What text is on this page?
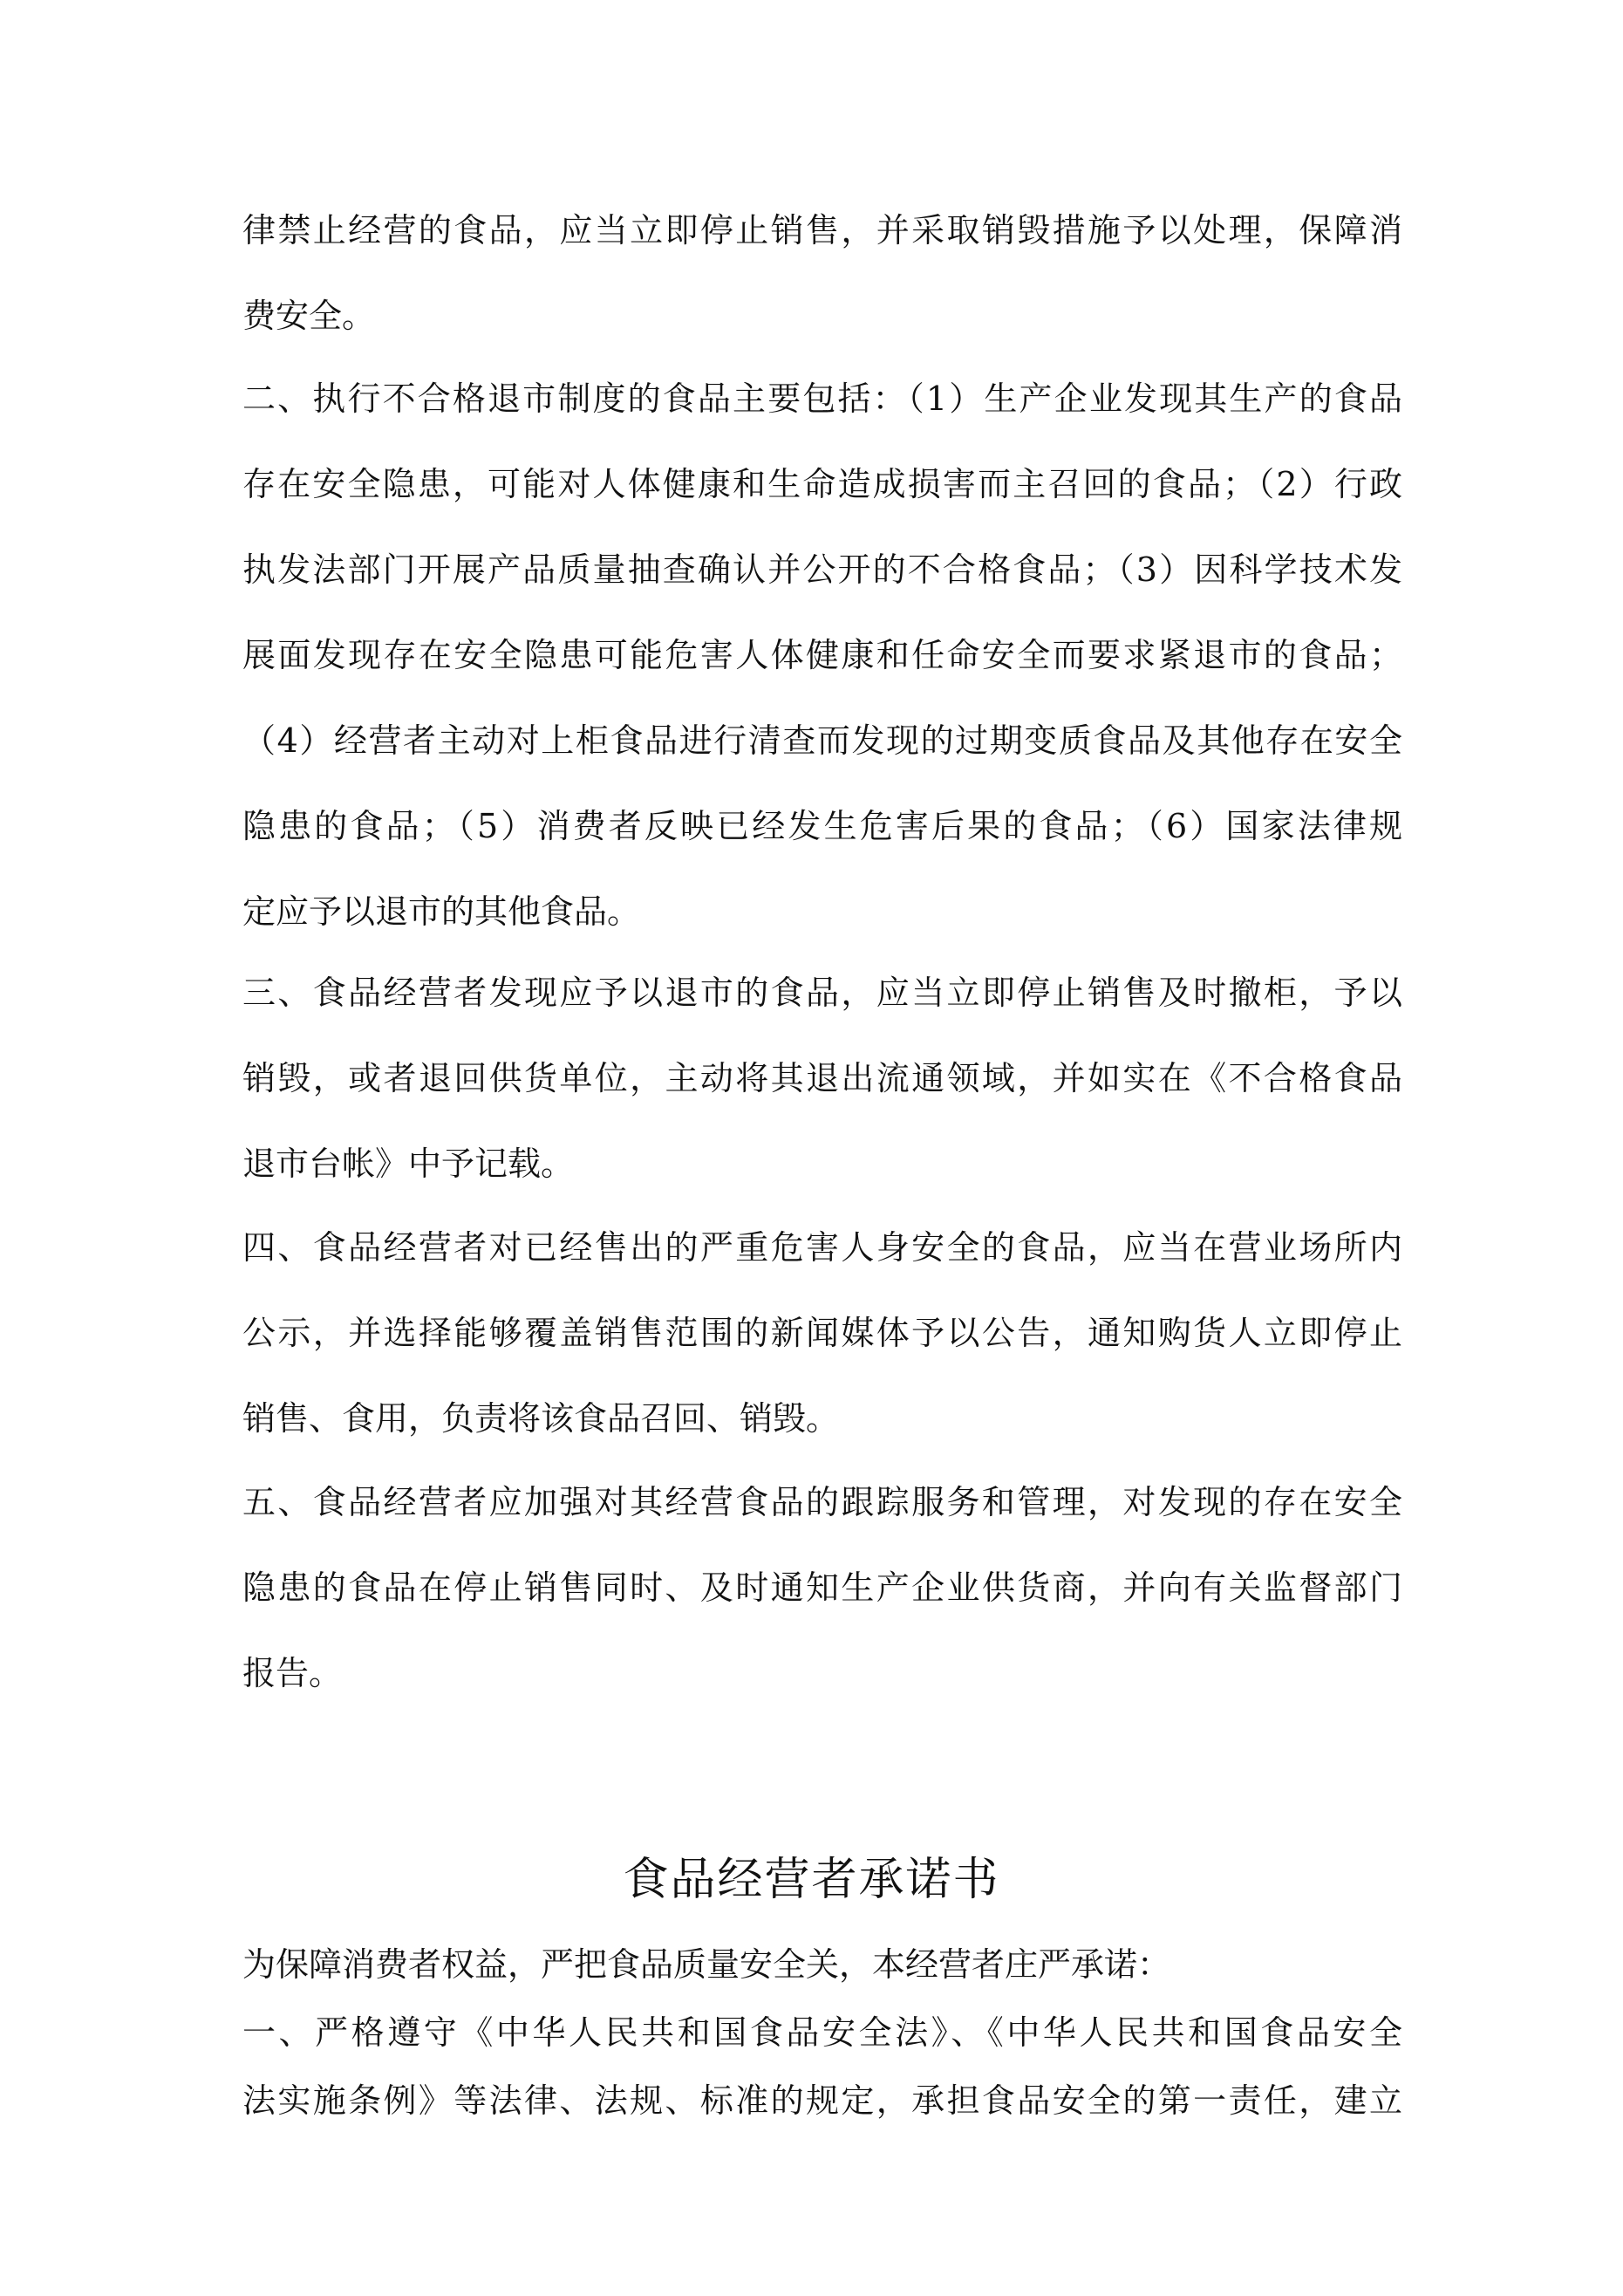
律禁止经营的食品，应当立即停止销售，并采取销毁措施予以处理，保障消
费安全。
二、执行不合格退市制度的食品主要包括：（1）生产企业发现其生产的食品
存在安全隐患，可能对人体健康和生命造成损害而主召回的食品；（2）行政
执发法部门开展产品质量抽查确认并公开的不合格食品；（3）因科学技术发
展面发现存在安全隐患可能危害人体健康和任命安全而要求紧退市的食品；
（4）经营者主动对上柜食品进行清查而发现的过期变质食品及其他存在安全
隐患的食品；（5）消费者反映已经发生危害后果的食品；（6）国家法律规
定应予以退市的其他食品。
三、食品经营者发现应予以退市的食品，应当立即停止销售及时撤柜，予以
销毁，或者退回供货单位，主动将其退出流通领域，并如实在《不合格食品
退市台帐》中予记载。
四、食品经营者对已经售出的严重危害人身安全的食品，应当在营业场所内
公示，并选择能够覆盖销售范围的新闻媒体予以公告，通知购货人立即停止
销售、食用，负责将该食品召回、销毁。
五、食品经营者应加强对其经营食品的跟踪服务和管理，对发现的存在安全
隐患的食品在停止销售同时、及时通知生产企业供货商，并向有关监督部门
报告。
食品经营者承诺书
为保障消费者权益，严把食品质量安全关，本经营者庄严承诺：
一、严格遵守《中华人民共和国食品安全法》、《中华人民共和国食品安全
法实施条例》等法律、法规、标准的规定，承担食品安全的第一责任，建立
